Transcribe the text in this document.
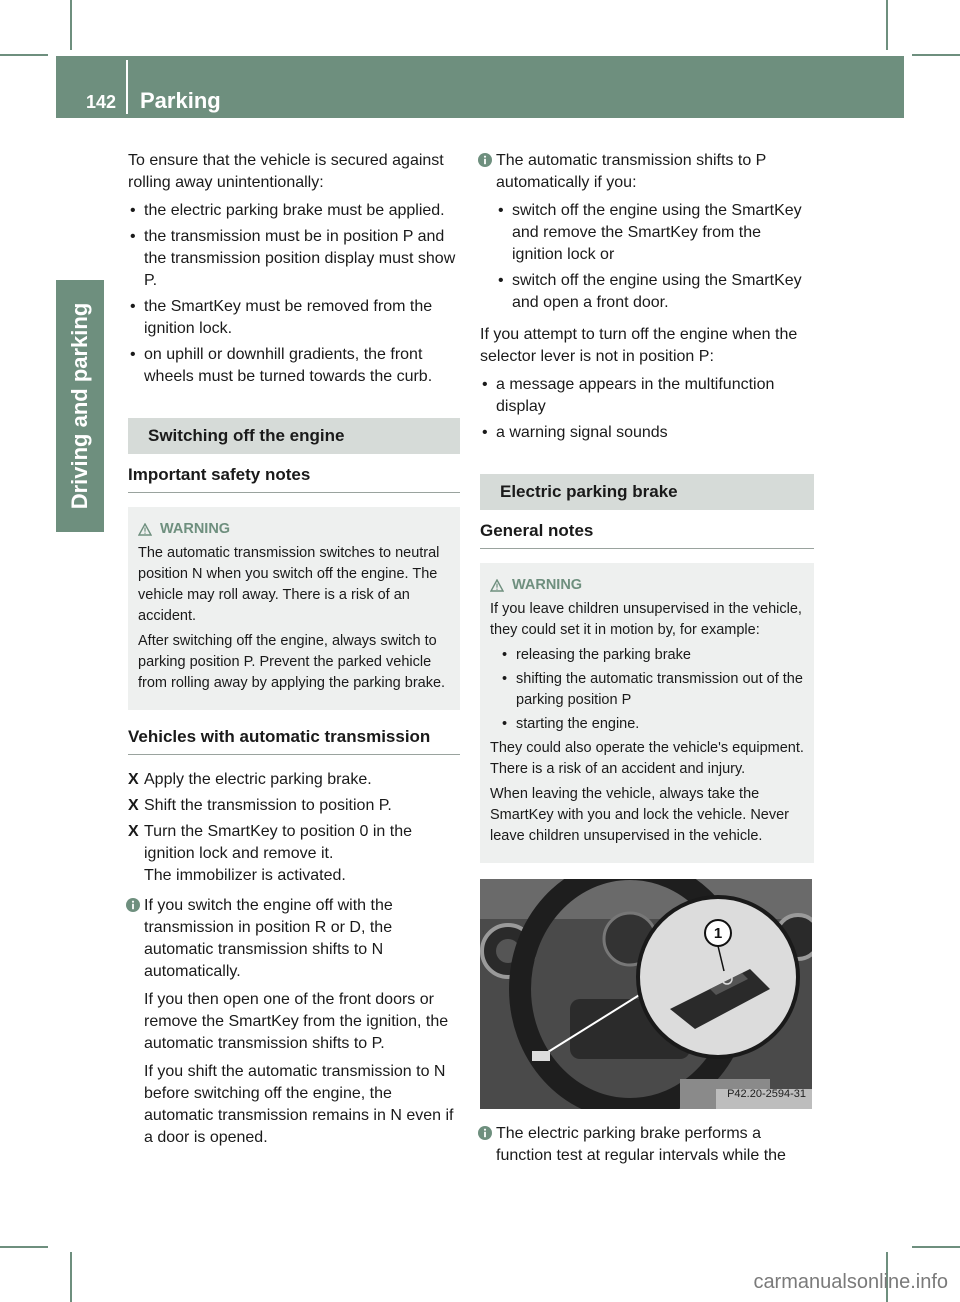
142 Parking
Driving and parking

To ensure that the vehicle is secured against rolling away unintentionally:

• the electric parking brake must be applied.
• the transmission must be in position P and the transmission position display must show P.
• the SmartKey must be removed from the ignition lock.
• on uphill or downhill gradients, the front wheels must be turned towards the curb.
Switching off the engine
Important safety notes
WARNING

The automatic transmission switches to neutral position N when you switch off the engine. The vehicle may roll away. There is a risk of an accident.

After switching off the engine, always switch to parking position P. Prevent the parked vehicle from rolling away by applying the parking brake.

Vehicles with automatic transmission
X Apply the electric parking brake.
X Shift the transmission to position P.
X Turn the SmartKey to position 0 in the ignition lock and remove it.
The immobilizer is activated.

If you switch the engine off with the transmission in position R or D, the automatic transmission shifts to N automatically.

If you then open one of the front doors or remove the SmartKey from the ignition, the automatic transmission shifts to P.

If you shift the automatic transmission to N before switching off the engine, the automatic transmission remains in N even if a door is opened.

The automatic transmission shifts to P automatically if you:

• switch off the engine using the SmartKey and remove the SmartKey from the ignition lock or
• switch off the engine using the SmartKey and open a front door.

If you attempt to turn off the engine when the selector lever is not in position P:

• a message appears in the multifunction display
• a warning signal sounds
Electric parking brake
General notes
WARNING

If you leave children unsupervised in the vehicle, they could set it in motion by, for example:

• releasing the parking brake
• shifting the automatic transmission out of the parking position P
• starting the engine.

They could also operate the vehicle's equipment. There is a risk of an accident and injury.

When leaving the vehicle, always take the SmartKey with you and lock the vehicle. Never leave children unsupervised in the vehicle.

1
P42.20-2594-31

The electric parking brake performs a function test at regular intervals while the

carmanualsonline.info
